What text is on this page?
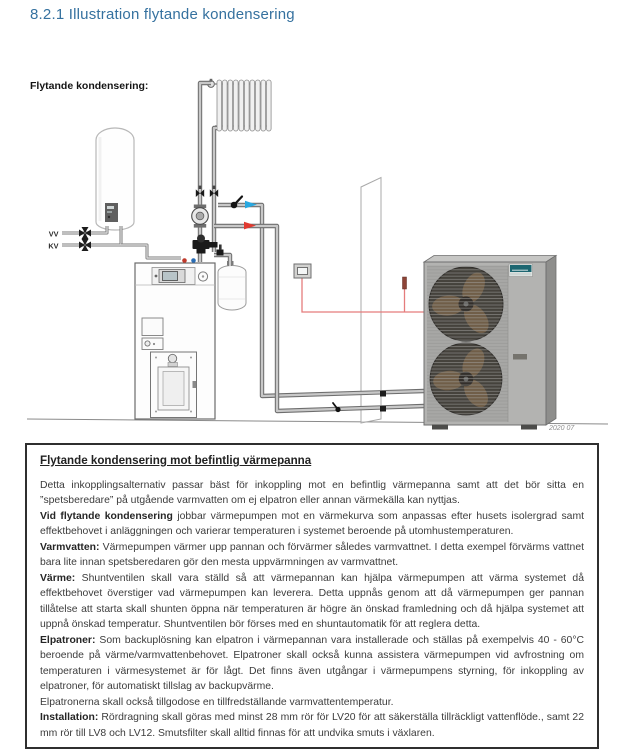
8.2.1 Illustration flytande kondensering
Flytande kondensering:
VV
KV
2020 07
Flytande kondensering mot befintlig värmepanna

Detta inkopplingsalternativ passar bäst för inkoppling mot en befintlig värmepanna samt att det bör sitta en ”spetsberedare” på utgående varmvatten om ej elpatron eller annan värmekälla kan nyttjas.

Vid flytande kondensering jobbar värmepumpen mot en värmekurva som anpassas efter husets isolergrad samt effektbehovet i anläggningen och varierar temperaturen i systemet beroende på utomhustemperaturen.

Varmvatten: Värmepumpen värmer upp pannan och förvärmer således varmvattnet. I detta exempel förvärms vattnet bara lite innan spetsberedaren gör den mesta uppvärmningen av varmvattnet.

Värme: Shuntventilen skall vara ställd så att värmepannan kan hjälpa värmepumpen att värma systemet då effektbehovet överstiger vad värmepumpen kan leverera. Detta uppnås genom att då värmepumpen ger pannan tillåtelse att starta skall shunten öppna när temperaturen är högre än önskad framledning och då hjälpa systemet att uppnå önskad temperatur. Shuntventilen bör förses med en shuntautomatik för att reglera detta.

Elpatroner: Som backuplösning kan elpatron i värmepannan vara installerade och ställas på exempelvis 40 - 60°C beroende på värme/varmvattenbehovet. Elpatroner skall också kunna assistera värmepumpen vid avfrostning om temperaturen i värmesystemet är för lågt. Det finns även utgångar i värmepumpens styrning, för inkoppling av elpatroner, för automatiskt tillslag av backupvärme.

Elpatronerna skall också tillgodose en tillfredställande varmvattentemperatur.

Installation: Rördragning skall göras med minst 28 mm rör för LV20 för att säkerställa tillräckligt vattenflöde., samt 22 mm rör till LV8 och LV12. Smutsfilter skall alltid finnas för att undvika smuts i växlaren.
